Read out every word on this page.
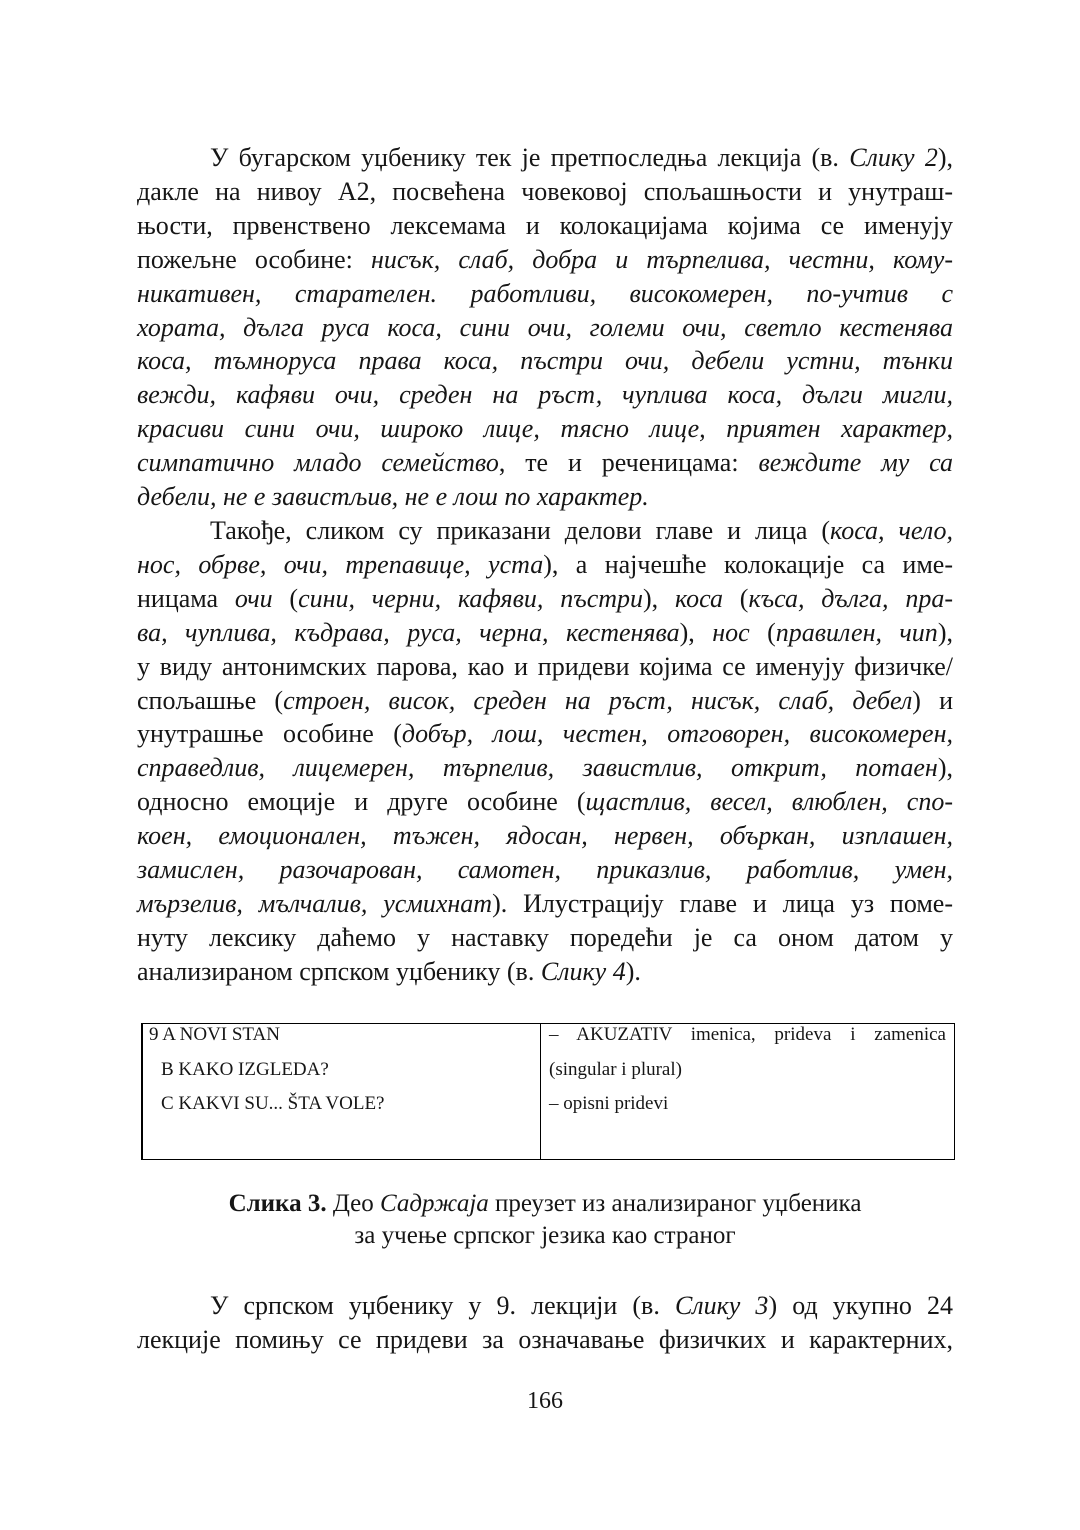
У бугарском уџбенику тек је претпоследња лекција (в. Слику 2),
дакле на нивоу А2, посвећена човековој спољашњости и унутраш-
њости, првенствено лексемама и колокацијама којима се именују
пожељне особине: нисък, слаб, добра и търпелива, честни, кому-
никативен, старателен. работливи, високомерен, по-учтив с
хората, дълга руса коса, сини очи, големи очи, светло кестенява
коса, тъмноруса права коса, пъстри очи, дебели устни, тънки
вежди, кафяви очи, среден на ръст, чуплива коса, дълги мигли,
красиви сини очи, широко лице, тясно лице, приятен характер,
симпатично младо семейство, те и реченицама: веждите му са
дебели, не е завистљив, не е лош по характер.
Такође, сликом су приказани делови главе и лица (коса, чело,
нос, обрве, очи, трепавице, уста), а најчешће колокације са име-
ницама очи (сини, черни, кафяви, пъстри), коса (къса, дълга, пра-
ва, чуплива, къдрава, руса, черна, кестенява), нос (правилен, чип),
у виду антонимских парова, као и придеви којима се именују физичке/
спољашње (строен, висок, среден на ръст, нисък, слаб, дебел) и
унутрашње особине (добър, лош, честен, отговорен, високомерен,
справедлив, лицемерен, търпелив, завистлив, открит, потаен),
односно емоције и друге особине (щастлив, весел, влюблен, спо-
коен, емоционален, тъжен, ядосан, нервен, объркан, изплашен,
замислен, разочарован, самотен, приказлив, работлив, умен,
мързелив, мълчалив, усмихнат). Илустрацију главе и лица уз поме-
нуту лексику даћемо у наставку поредећи је са оном датом у
анализираном српском уџбенику (в. Слику 4).
9 A NOVI STAN
B KAKO IZGLEDA?
C KAKVI SU... ŠTA VOLE?
– AKUZATIV imenica, prideva i zamenica
(singular i plural)
– opisni pridevi
Слика 3. Део Садржаја преузет из анализираног уџбеника
за учење српског језика као страног
У српском уџбенику у 9. лекцији (в. Слику 3) од укупно 24
лекције помињу се придеви за означавање физичких и карактерних,
166
